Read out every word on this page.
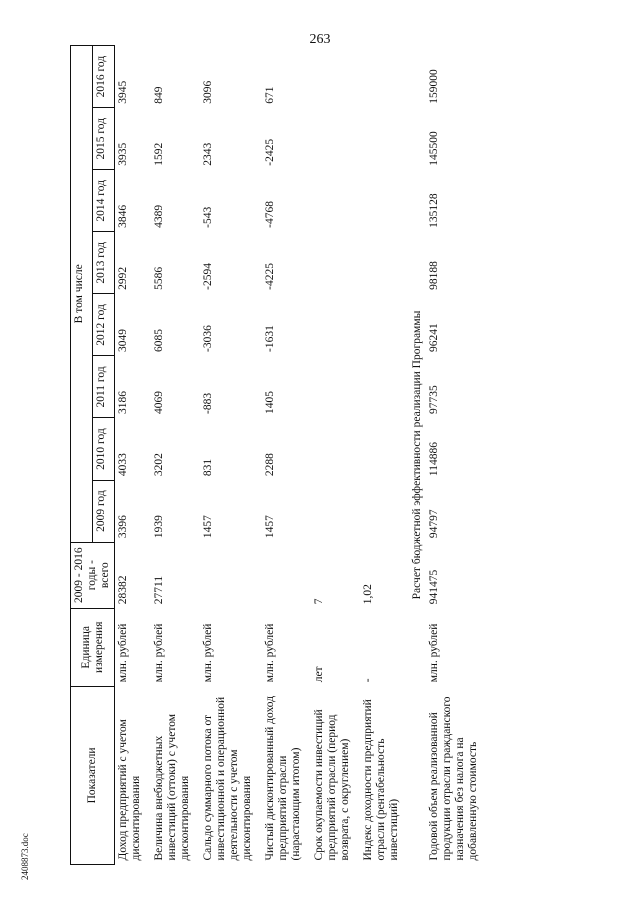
263
2408873.doc
Показатели	Единица измерения	2009 - 2016 годы - всего	В том числе							
			2009 год	2010 год	2011 год	2012 год	2013 год	2014 год	2015 год	2016 год
Доход предприятий с учетом дисконтирования	млн. рублей	28382	3396	4033	3186	3049	2992	3846	3935	3945

Величина внебюджетных инвестиций (оттоки) с учетом дисконтирования	млн. рублей	27711	1939	3202	4069	6085	5586	4389	1592	849

Сальдо суммарного потока от инвестиционной и операционной деятельности с учетом дисконтирования	млн. рублей		1457	831	-883	-3036	-2594	-543	2343	3096

Чистый дисконтированный доход предприятий отрасли (нарастающим итогом)	млн. рублей		1457	2288	1405	-1631	-4225	-4768	-2425	671

Срок окупаемости инвестиций предприятий отрасли (период возврата, с округлением)	лет	7								

Индекс доходности предприятий отрасли (рентабельность инвестиций)	-	1,02								

Расчет бюджетной эффективности реализации Программы										
Годовой объем реализованной продукции отрасли гражданского назначения без налога на добавленную стоимость	млн. рублей	941475	94797	114886	97735	96241	98188	135128	145500	159000
